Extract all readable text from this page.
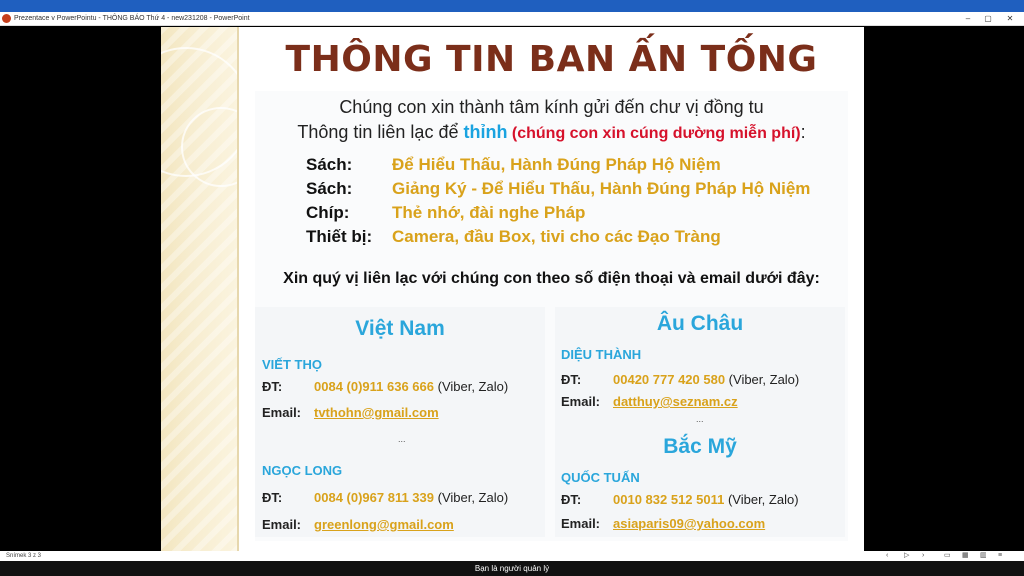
Prezentace v PowerPointu - THÔNG BÁO Thứ 4 - new231208 - PowerPoint	–	▢	✕
THÔNG TIN BAN ẤN TỐNG
Chúng con xin thành tâm kính gửi đến chư vị đồng tu
Thông tin liên lạc để thỉnh (chúng con xin cúng dường miễn phí):
Sách: Để Hiểu Thấu, Hành Đúng Pháp Hộ Niệm
Sách: Giảng Ký - Để Hiểu Thấu, Hành Đúng Pháp Hộ Niệm
Chíp:	Thẻ nhớ, đài nghe Pháp
Thiết bị: Camera, đầu Box, tivi cho các Đạo Tràng
Xin quý vị liên lạc với chúng con theo số điện thoại và email dưới đây:
Việt Nam
VIẾT THỌ
ĐT: 0084 (0)911 636 666 (Viber, Zalo)
Email: tvthohn@gmail.com
...
NGỌC LONG
ĐT: 0084 (0)967 811 339 (Viber, Zalo)
Email: greenlong@gmail.com
Âu Châu
DIỆU THÀNH
ĐT: 00420 777 420 580 (Viber, Zalo)
Email: datthuy@seznam.cz
...
Bắc Mỹ
QUỐC TUẤN
ĐT: 0010 832 512 5011 (Viber, Zalo)
Email: asiaparis09@yahoo.com
Snímek 3 z 3	‹ ▷ ›	▭ ▦ ▥ ≡
Bạn là người quản lý
